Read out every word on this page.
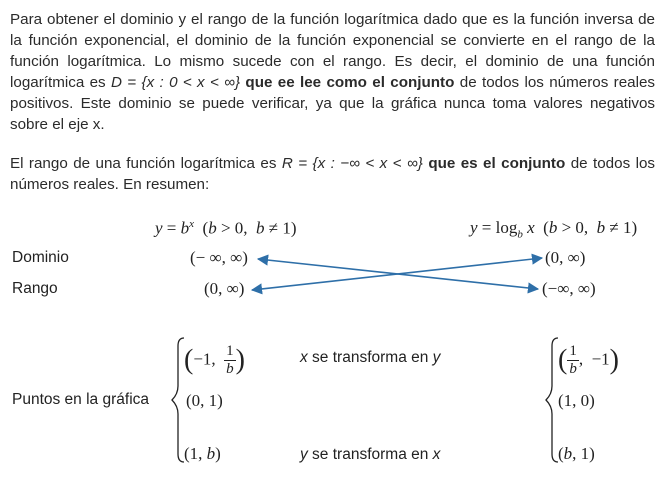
Para obtener el dominio y el rango de la función logarítmica dado que es la función inversa de la función exponencial, el dominio de la función exponencial se convierte en el rango de la función logarítmica. Lo mismo sucede con el rango. Es decir, el dominio de una función logarítmica es D = {x : 0 < x < ∞} que ee lee como el conjunto de todos los números reales positivos. Este dominio se puede verificar, ya que la gráfica nunca toma valores negativos sobre el eje x.
El rango de una función logarítmica es R = {x : −∞ < x < ∞} que es el conjunto de todos los números reales. En resumen:
$y = b^x$  (b > 0,  b ≠ 1)	$y = \log_b x$  (b > 0,  b ≠ 1)
Dominio
Rango
(− ∞, ∞)
(0, ∞)
(0, ∞)
(−∞, ∞)
Puntos en la gráfica
(−1, $\frac{1}{b}$ )
(0, 1)
(1, b)
x se transforma en y
y se transforma en x
( $\frac{1}{b}$ ,  −1)
(1, 0)
(b, 1)
